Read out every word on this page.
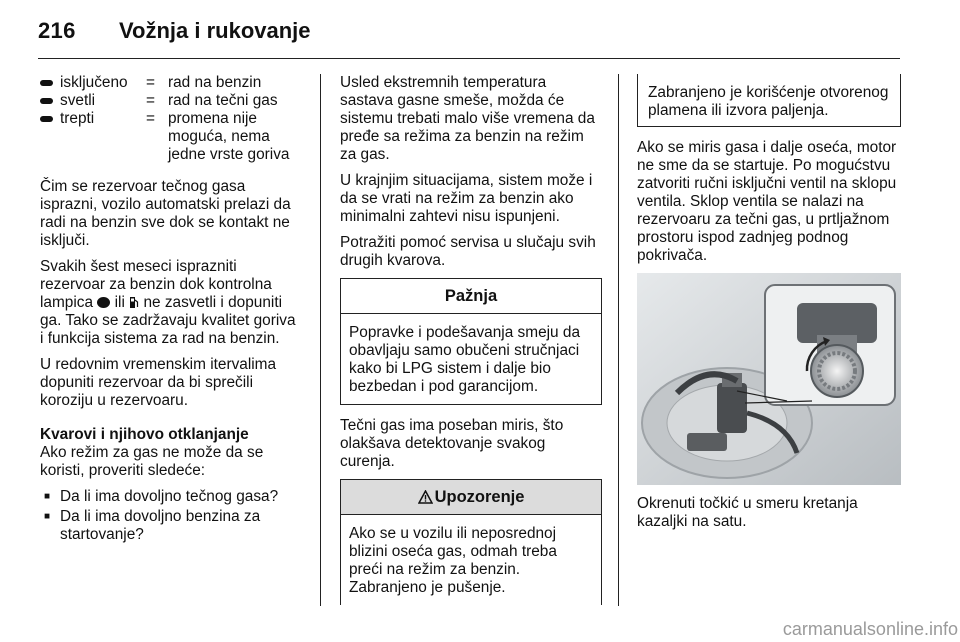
216 Vožnja i rukovanje
isključeno	= rad na benzin
svetli	= rad na tečni gas
trepti	= promena nije moguća, nema jedne vrste goriva

Čim se rezervoar tečnog gasa isprazni, vozilo automatski prelazi da radi na benzin sve dok se kontakt ne isključi.

Svakih šest meseci isprazniti rezervoar za benzin dok kontrolna lampica ili ne zasvetli i dopuniti ga. Tako se zadržavaju kvalitet goriva i funkcija sistema za rad na benzin.

U redovnim vremenskim itervalima dopuniti rezervoar da bi sprečili koroziju u rezervoaru.

Kvarovi i njihovo otklanjanje

Ako režim za gas ne može da se koristi, proveriti sledeće:

■ Da li ima dovoljno tečnog gasa?
■ Da li ima dovoljno benzina za startovanje?

Usled ekstremnih temperatura sastava gasne smeše, možda će sistemu trebati malo više vremena da pređe sa režima za benzin na režim za gas.

U krajnjim situacijama, sistem može i da se vrati na režim za benzin ako minimalni zahtevi nisu ispunjeni.

Potražiti pomoć servisa u slučaju svih drugih kvarova.

Pažnja
Popravke i podešavanja smeju da obavljaju samo obučeni stručnjaci kako bi LPG sistem i dalje bio bezbedan i pod garancijom.

Tečni gas ima poseban miris, što olakšava detektovanje svakog curenja.

Upozorenje
Ako se u vozilu ili neposrednoj blizini oseća gas, odmah treba preći na režim za benzin. Zabranjeno je pušenje.
Zabranjeno je korišćenje otvorenog plamena ili izvora paljenja.

Ako se miris gasa i dalje oseća, motor ne sme da se startuje. Po mogućstvu zatvoriti ručni isključni ventil na sklopu ventila. Sklop ventila se nalazi na rezervoaru za tečni gas, u prtljažnom prostoru ispod zadnjeg podnog pokrivača.

Okrenuti točkić u smeru kretanja kazaljki na satu.

carmanualsonline.info
